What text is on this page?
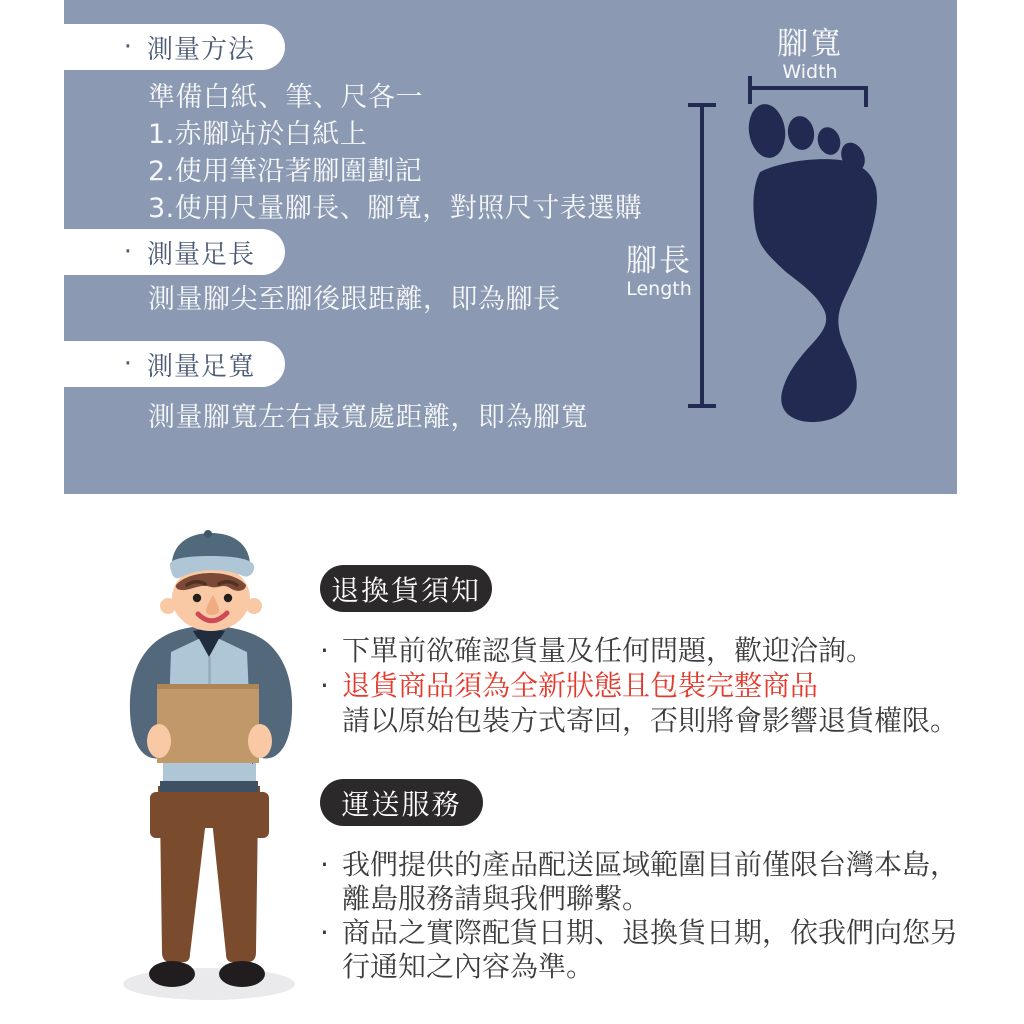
· 測量方法
準備白紙、筆、尺各一
1.赤腳站於白紙上
2.使用筆沿著腳圍劃記
3.使用尺量腳長、腳寬，對照尺寸表選購
· 測量足長
測量腳尖至腳後跟距離，即為腳長
· 測量足寬
測量腳寬左右最寬處距離，即為腳寬
腳寬
Width
腳長
Length
退換貨須知
· 下單前欲確認貨量及任何問題，歡迎洽詢。
· 退貨商品須為全新狀態且包裝完整商品
請以原始包裝方式寄回，否則將會影響退貨權限。
運送服務
· 我們提供的產品配送區域範圍目前僅限台灣本島，
離島服務請與我們聯繫。
· 商品之實際配貨日期、退換貨日期，依我們向您另
行通知之內容為準。
